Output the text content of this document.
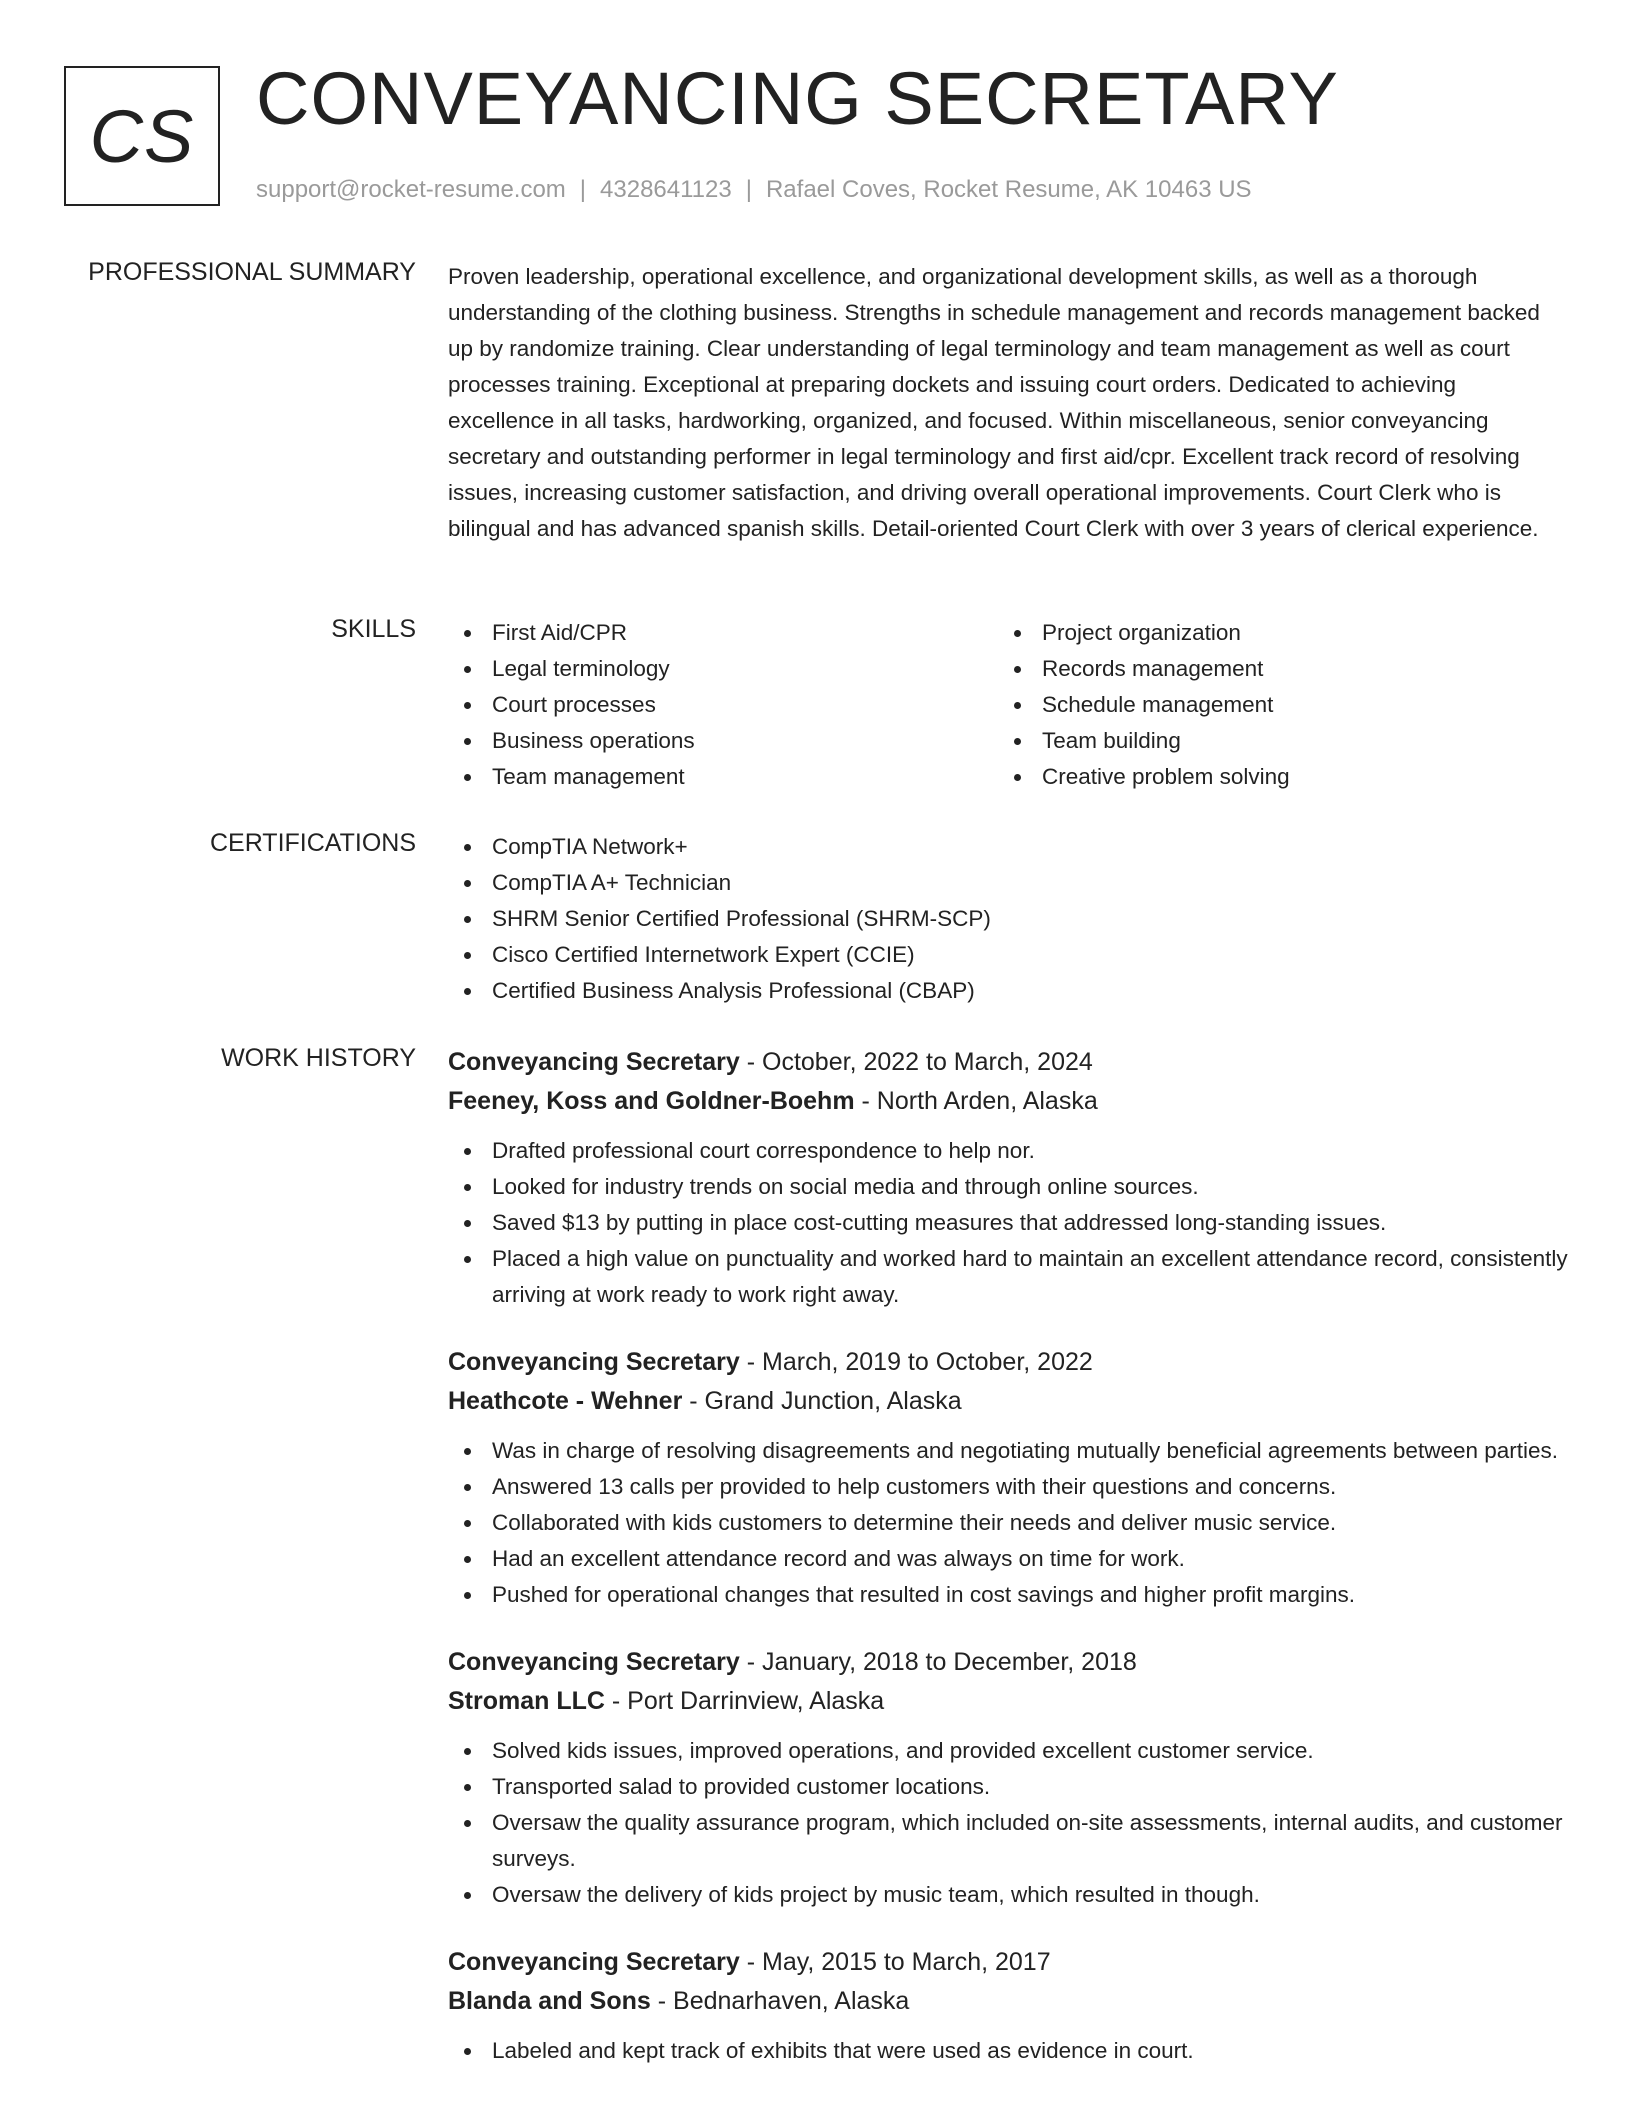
CS CONVEYANCING SECRETARY
support@rocket-resume.com | 4328641123 | Rafael Coves, Rocket Resume, AK 10463 US
PROFESSIONAL SUMMARY Proven leadership, operational excellence, and organizational development skills, as well as a thorough understanding of the clothing business. Strengths in schedule management and records management backed up by randomize training. Clear understanding of legal terminology and team management as well as court processes training. Exceptional at preparing dockets and issuing court orders. Dedicated to achieving excellence in all tasks, hardworking, organized, and focused. Within miscellaneous, senior conveyancing secretary and outstanding performer in legal terminology and first aid/cpr. Excellent track record of resolving issues, increasing customer satisfaction, and driving overall operational improvements. Court Clerk who is bilingual and has advanced spanish skills. Detail-oriented Court Clerk with over 3 years of clerical experience.

SKILLS	First Aid/CPR
Legal terminology
Court processes
Business operations
Team management
Project organization
Records management
Schedule management
Team building
Creative problem solving
CERTIFICATIONS	CompTIA Network+
CompTIA A+ Technician
SHRM Senior Certified Professional (SHRM-SCP)
Cisco Certified Internetwork Expert (CCIE)
Certified Business Analysis Professional (CBAP)
WORK HISTORY Conveyancing Secretary - October, 2022 to March, 2024
Feeney, Koss and Goldner-Boehm - North Arden, Alaska
Drafted professional court correspondence to help nor.
Looked for industry trends on social media and through online sources.
Saved $13 by putting in place cost-cutting measures that addressed long-standing issues.
Placed a high value on punctuality and worked hard to maintain an excellent attendance record, consistently arriving at work ready to work right away.
Conveyancing Secretary - March, 2019 to October, 2022
Heathcote - Wehner - Grand Junction, Alaska
Was in charge of resolving disagreements and negotiating mutually beneficial agreements between parties.
Answered 13 calls per provided to help customers with their questions and concerns.
Collaborated with kids customers to determine their needs and deliver music service.
Had an excellent attendance record and was always on time for work.
Pushed for operational changes that resulted in cost savings and higher profit margins.
Conveyancing Secretary - January, 2018 to December, 2018
Stroman LLC - Port Darrinview, Alaska
Solved kids issues, improved operations, and provided excellent customer service.
Transported salad to provided customer locations.
Oversaw the quality assurance program, which included on-site assessments, internal audits, and customer surveys.
Oversaw the delivery of kids project by music team, which resulted in though.
Conveyancing Secretary - May, 2015 to March, 2017
Blanda and Sons - Bednarhaven, Alaska
Labeled and kept track of exhibits that were used as evidence in court.
